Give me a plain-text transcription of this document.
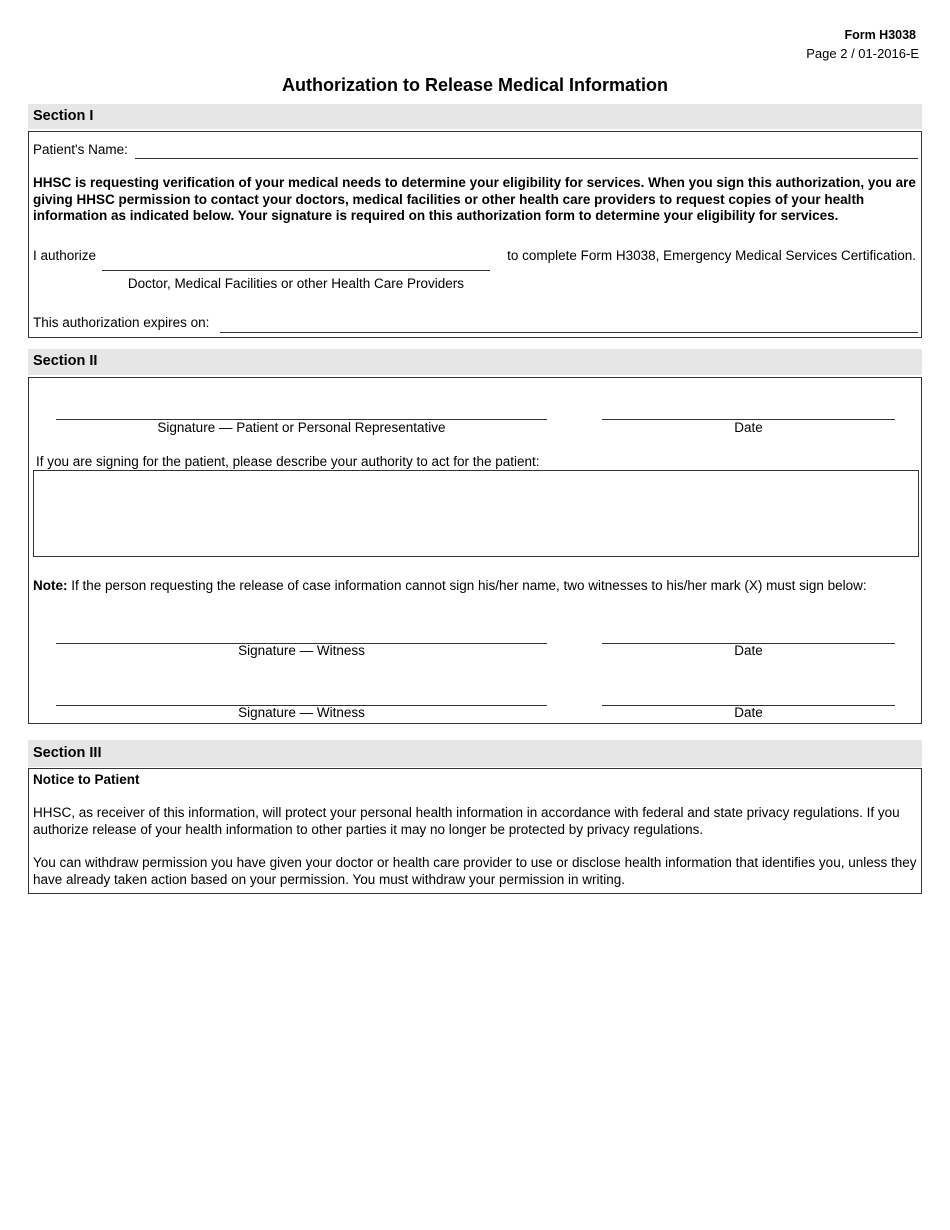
Form H3038
Page 2 / 01-2016-E
Authorization to Release Medical Information
Section I
Patient's Name:
HHSC is requesting verification of your medical needs to determine your eligibility for services. When you sign this authorization, you are giving HHSC permission to contact your doctors, medical facilities or other health care providers to request copies of your health information as indicated below. Your signature is required on this authorization form to determine your eligibility for services.
I authorize	to complete Form H3038, Emergency Medical Services Certification.
Doctor, Medical Facilities or other Health Care Providers
This authorization expires on:
Section II
Signature — Patient or Personal Representative	Date
If you are signing for the patient, please describe your authority to act for the patient:
Note: If the person requesting the release of case information cannot sign his/her name, two witnesses to his/her mark (X) must sign below:
Signature — Witness	Date
Signature — Witness	Date
Section III
Notice to Patient
HHSC, as receiver of this information, will protect your personal health information in accordance with federal and state privacy regulations. If you authorize release of your health information to other parties it may no longer be protected by privacy regulations.
You can withdraw permission you have given your doctor or health care provider to use or disclose health information that identifies you, unless they have already taken action based on your permission. You must withdraw your permission in writing.
